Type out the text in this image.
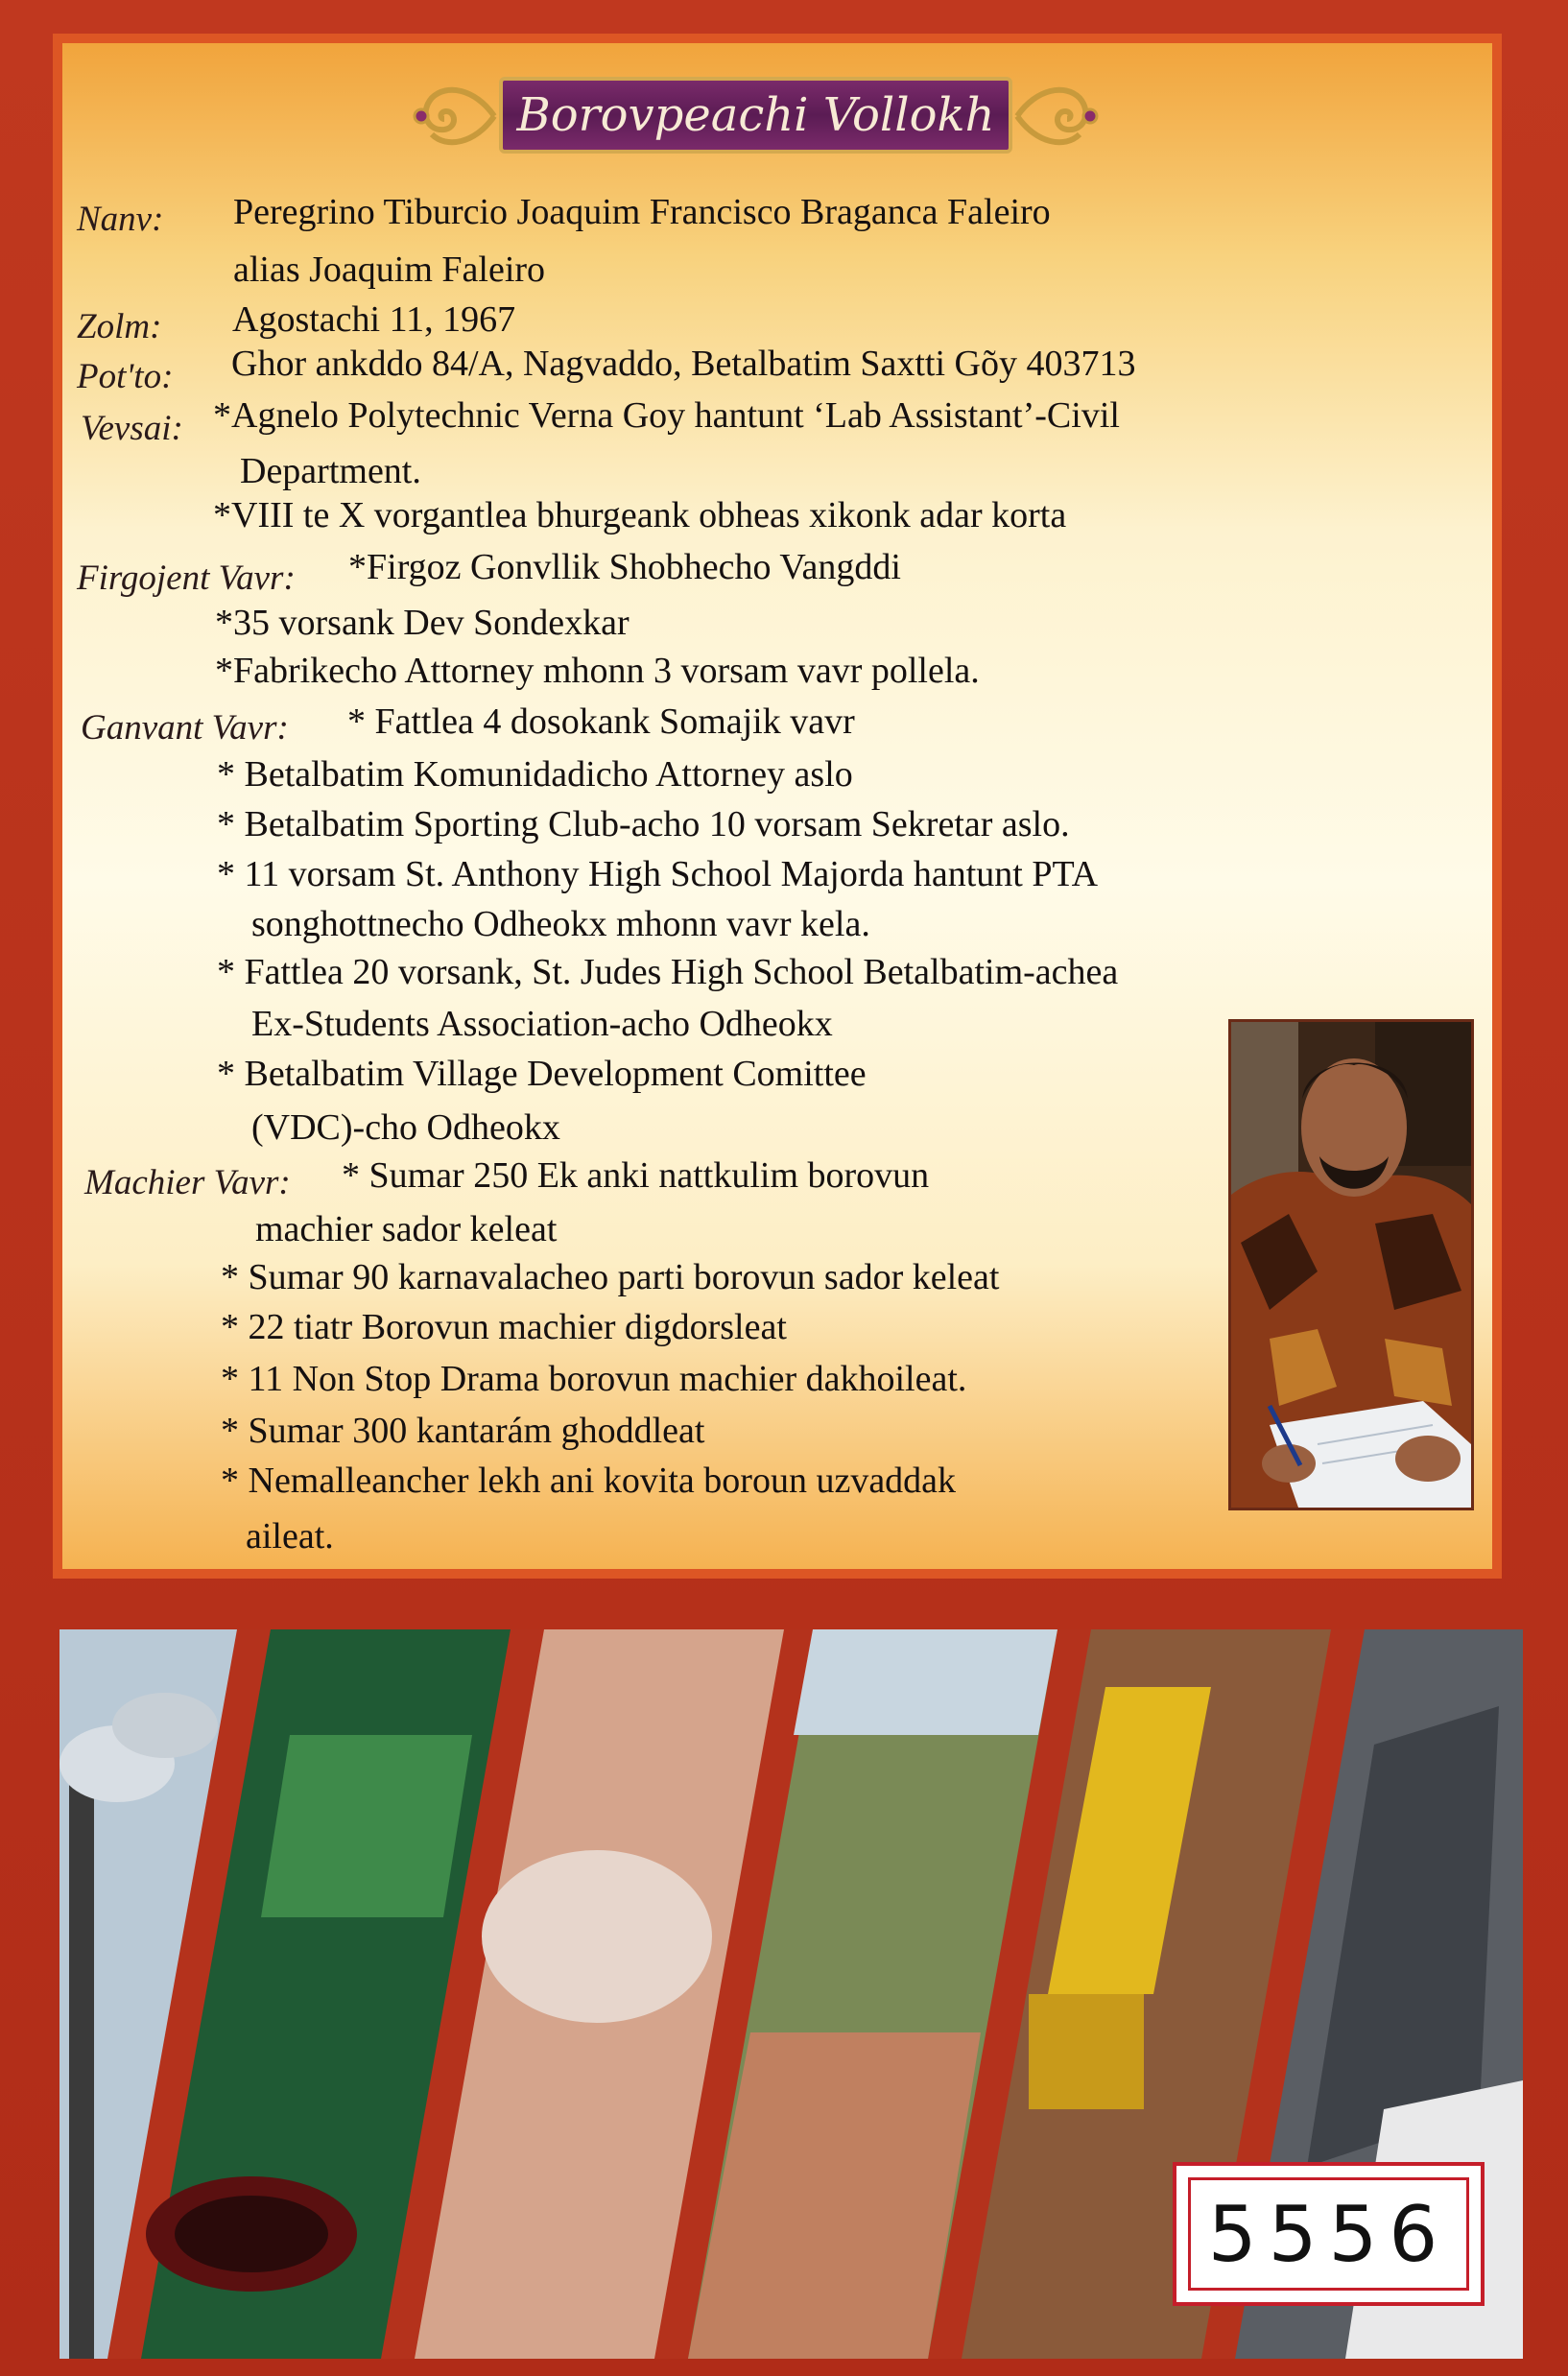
Borovpeachi Vollokh
Nanv: Peregrino Tiburcio Joaquim Francisco Braganca Faleiro
alias Joaquim Faleiro
Zolm: Agostachi 11, 1967
Pot'to: Ghor ankddo 84/A, Nagvaddo, Betalbatim Saxtti Gõy 403713
Vevsai: *Agnelo Polytechnic Verna Goy hantunt ‘Lab Assistant’-Civil
Department.
*VIII te X vorgantlea bhurgeank obheas xikonk adar korta
Firgojent Vavr: *Firgoz Gonvllik Shobhecho Vangddi
*35 vorsank Dev Sondexkar
*Fabrikecho Attorney mhonn 3 vorsam vavr pollela.
Ganvant Vavr: * Fattlea 4 dosokank Somajik vavr
* Betalbatim Komunidadicho Attorney aslo
* Betalbatim Sporting Club-acho 10 vorsam Sekretar aslo.
* 11 vorsam St. Anthony High School Majorda hantunt PTA
songhottnecho Odheokx mhonn vavr kela.
* Fattlea 20 vorsank, St. Judes High School Betalbatim-achea
Ex-Students Association-acho Odheokx
* Betalbatim Village Development Comittee
(VDC)-cho Odheokx
Machier Vavr: * Sumar 250 Ek anki nattkulim borovun
machier sador keleat
* Sumar 90 karnavalacheo parti borovun sador keleat
* 22 tiatr Borovun machier digdorsleat
* 11 Non Stop Drama borovun machier dakhoileat.
* Sumar 300 kantarám ghoddleat
* Nemalleancher lekh ani kovita boroun uzvaddak
aileat.
5556
